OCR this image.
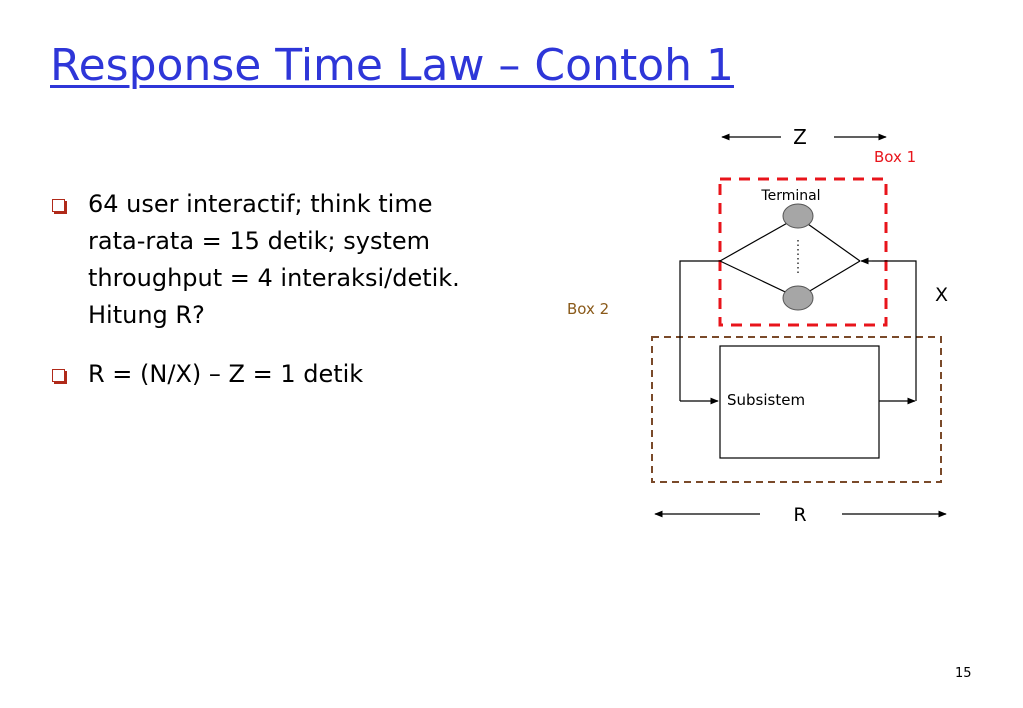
Response Time Law – Contoh 1
64 user interactif; think time rata-rata = 15 detik; system throughput = 4 interaksi/detik. Hitung R?
R = (N/X) – Z = 1 detik
Z
Box 1
Terminal
Box 2
X
Subsistem
R
15
